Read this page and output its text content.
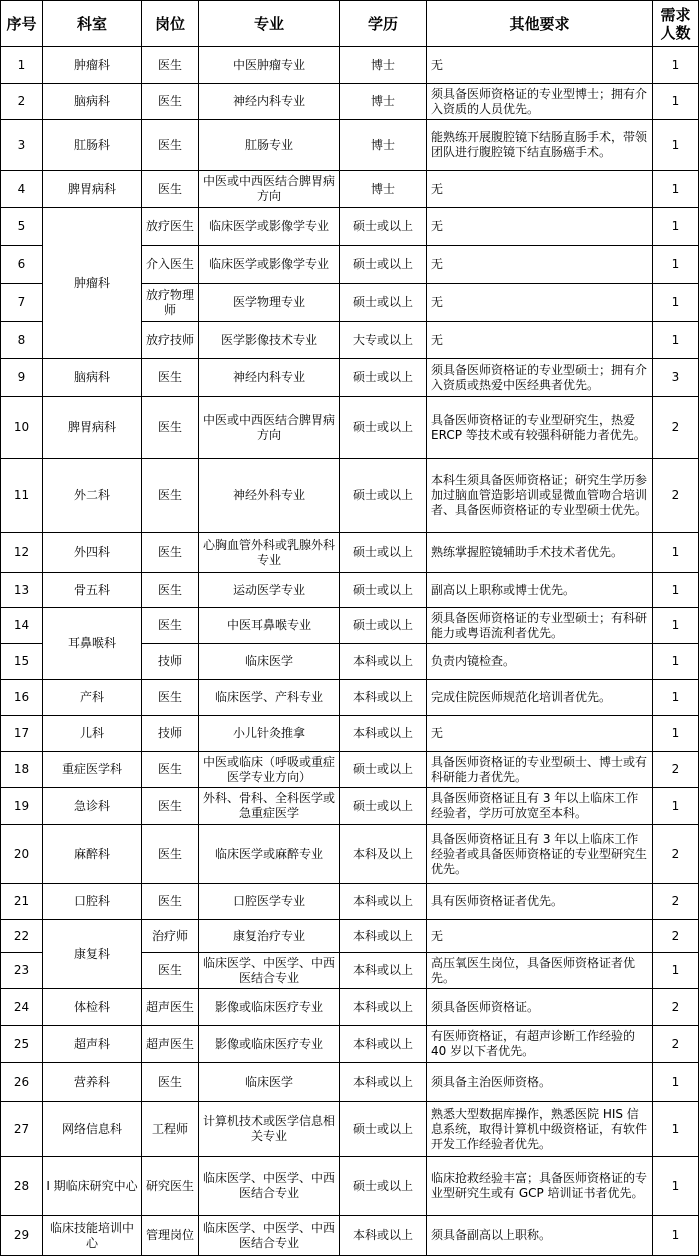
序号	科室	岗位	专业	学历	其他要求	需求人数
1	肿瘤科	医生	中医肿瘤专业	博士	无	1
2	脑病科	医生	神经内科专业	博士	须具备医师资格证的专业型博士；拥有介入资质的人员优先。	1
3	肛肠科	医生	肛肠专业	博士	能熟练开展腹腔镜下结肠直肠手术，带领团队进行腹腔镜下结直肠癌手术。	1
4	脾胃病科	医生	中医或中西医结合脾胃病方向	博士	无	1
5	肿瘤科	放疗医生	临床医学或影像学专业	硕士或以上	无	1
6		介入医生	临床医学或影像学专业	硕士或以上	无	1
7		放疗物理师	医学物理专业	硕士或以上	无	1
8		放疗技师	医学影像技术专业	大专或以上	无	1
9	脑病科	医生	神经内科专业	硕士或以上	须具备医师资格证的专业型硕士；拥有介入资质或热爱中医经典者优先。	3
10	脾胃病科	医生	中医或中西医结合脾胃病方向	硕士或以上	具备医师资格证的专业型研究生，热爱 ERCP 等技术或有较强科研能力者优先。	2
11	外二科	医生	神经外科专业	硕士或以上	本科生须具备医师资格证；研究生学历参加过脑血管造影培训或显微血管吻合培训者、具备医师资格证的专业型硕士优先。	2
12	外四科	医生	心胸血管外科或乳腺外科专业	硕士或以上	熟练掌握腔镜辅助手术技术者优先。	1
13	骨五科	医生	运动医学专业	硕士或以上	副高以上职称或博士优先。	1
14	耳鼻喉科	医生	中医耳鼻喉专业	硕士或以上	须具备医师资格证的专业型硕士；有科研能力或粤语流利者优先。	1
15		技师	临床医学	本科或以上	负责内镜检查。	1
16	产科	医生	临床医学、产科专业	本科或以上	完成住院医师规范化培训者优先。	1
17	儿科	技师	小儿针灸推拿	本科或以上	无	1
18	重症医学科	医生	中医或临床（呼吸或重症医学专业方向）	硕士或以上	具备医师资格证的专业型硕士、博士或有科研能力者优先。	2
19	急诊科	医生	外科、骨科、全科医学或急重症医学	硕士或以上	具备医师资格证且有 3 年以上临床工作经验者，学历可放宽至本科。	1
20	麻醉科	医生	临床医学或麻醉专业	本科及以上	具备医师资格证且有 3 年以上临床工作经验者或具备医师资格证的专业型研究生优先。	2
21	口腔科	医生	口腔医学专业	本科或以上	具有医师资格证者优先。	2
22	康复科	治疗师	康复治疗专业	本科或以上	无	2
23		医生	临床医学、中医学、中西医结合专业	本科或以上	高压氧医生岗位，具备医师资格证者优先。	1
24	体检科	超声医生	影像或临床医疗专业	本科或以上	须具备医师资格证。	2
25	超声科	超声医生	影像或临床医疗专业	本科或以上	有医师资格证，有超声诊断工作经验的 40 岁以下者优先。	2
26	营养科	医生	临床医学	本科或以上	须具备主治医师资格。	1
27	网络信息科	工程师	计算机技术或医学信息相关专业	硕士或以上	熟悉大型数据库操作，熟悉医院 HIS 信息系统，取得计算机中级资格证，有软件开发工作经验者优先。	1
28	I 期临床研究中心	研究医生	临床医学、中医学、中西医结合专业	硕士或以上	临床抢救经验丰富；具备医师资格证的专业型研究生或有 GCP 培训证书者优先。	1
29	临床技能培训中心	管理岗位	临床医学、中医学、中西医结合专业	本科或以上	须具备副高以上职称。	1
